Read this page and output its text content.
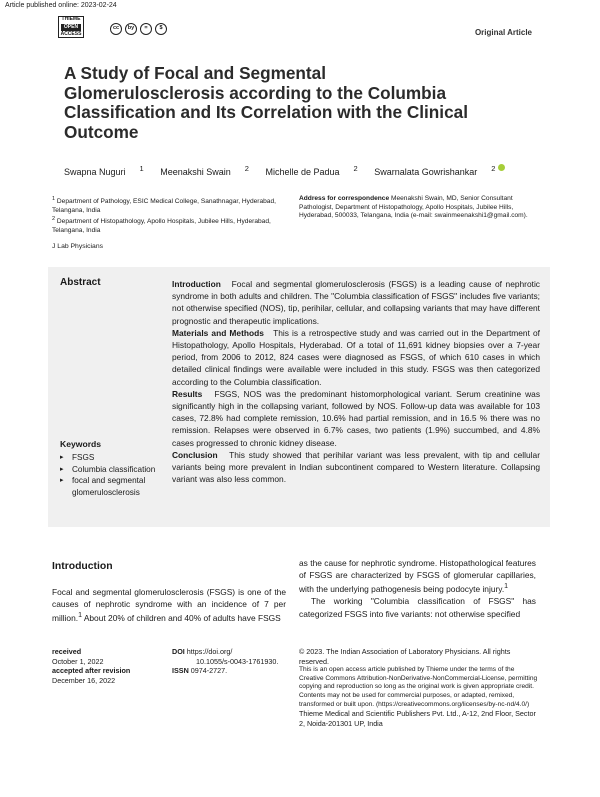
Article published online: 2023-02-24
THIEME
OPEN
ACCESS
cc	by	=	$	Original Article
A Study of Focal and Segmental Glomerulosclerosis according to the Columbia Classification and Its Correlation with the Clinical Outcome
Swapna Nuguri $^1$ Meenakshi Swain $^2$ Michelle de Padua $^2$ Swarnalata Gowrishankar $^2$
$^1$ Department of Pathology, ESIC Medical College, Sanathnagar, Hyderabad, Telangana, India
$^2$ Department of Histopathology, Apollo Hospitals, Jubilee Hills, Hyderabad, Telangana, India
Address for correspondence Meenakshi Swain, MD, Senior Consultant Pathologist, Department of Histopathology, Apollo Hospitals, Jubilee Hills, Hyderabad, 500033, Telangana, India (e-mail: swainmeenakshi1@gmail.com).
J Lab Physicians
Abstract	Introduction Focal and segmental glomerulosclerosis (FSGS) is a leading cause of nephrotic syndrome in both adults and children. The "Columbia classification of FSGS" includes five variants; not otherwise specified (NOS), tip, perihilar, cellular, and collapsing variants that may have different prognostic and therapeutic implications.

Materials and Methods This is a retrospective study and was carried out in the Department of Histopathology, Apollo Hospitals, Hyderabad. Of a total of 11,691 kidney biopsies over a 7-year period, from 2006 to 2012, 824 cases were diagnosed as FSGS, of which 610 cases in which detailed clinical findings were available were included in this study. FSGS was then categorized according to the Columbia classification.

Results FSGS, NOS was the predominant histomorphological variant. Serum creatinine was significantly high in the collapsing variant, followed by NOS. Follow-up data was available for 103 cases, 72.8% had complete remission, 10.6% had partial remission, and in 16.5 % there was no remission. Relapses were observed in 6.7% cases, two patients (1.9%) succumbed, and 4.8% cases progressed to chronic kidney disease.

Conclusion This study showed that perihilar variant was less prevalent, with tip and cellular variants being more prevalent in Indian subcontinent compared to Western literature. Collapsing variant was also less common.

Keywords
▸ FSGS
▸ Columbia classification
▸ focal and segmental glomerulosclerosis
Introduction
Focal and segmental glomerulosclerosis (FSGS) is one of the causes of nephrotic syndrome with an incidence of 7 per million.$^1$ About 20% of children and 40% of adults have FSGS
as the cause for nephrotic syndrome. Histopathological features of FSGS are characterized by FSGS of glomerular capillaries, with the underlying pathogenesis being podocyte injury.$^1$
The working "Columbia classification of FSGS" has categorized FSGS into five variants: not otherwise specified
received
October 1, 2022
accepted after revision
December 16, 2022
DOI https://doi.org/
10.1055/s-0043-1761930.
ISSN 0974-2727.
© 2023. The Indian Association of Laboratory Physicians. All rights reserved.
This is an open access article published by Thieme under the terms of the Creative Commons Attribution-NonDerivative-NonCommercial-License, permitting copying and reproduction so long as the original work is given appropriate credit. Contents may not be used for commercial purposes, or adapted, remixed, transformed or built upon. (https://creativecommons.org/licenses/by-nc-nd/4.0/)
Thieme Medical and Scientific Publishers Pvt. Ltd., A-12, 2nd Floor, Sector 2, Noida-201301 UP, India
